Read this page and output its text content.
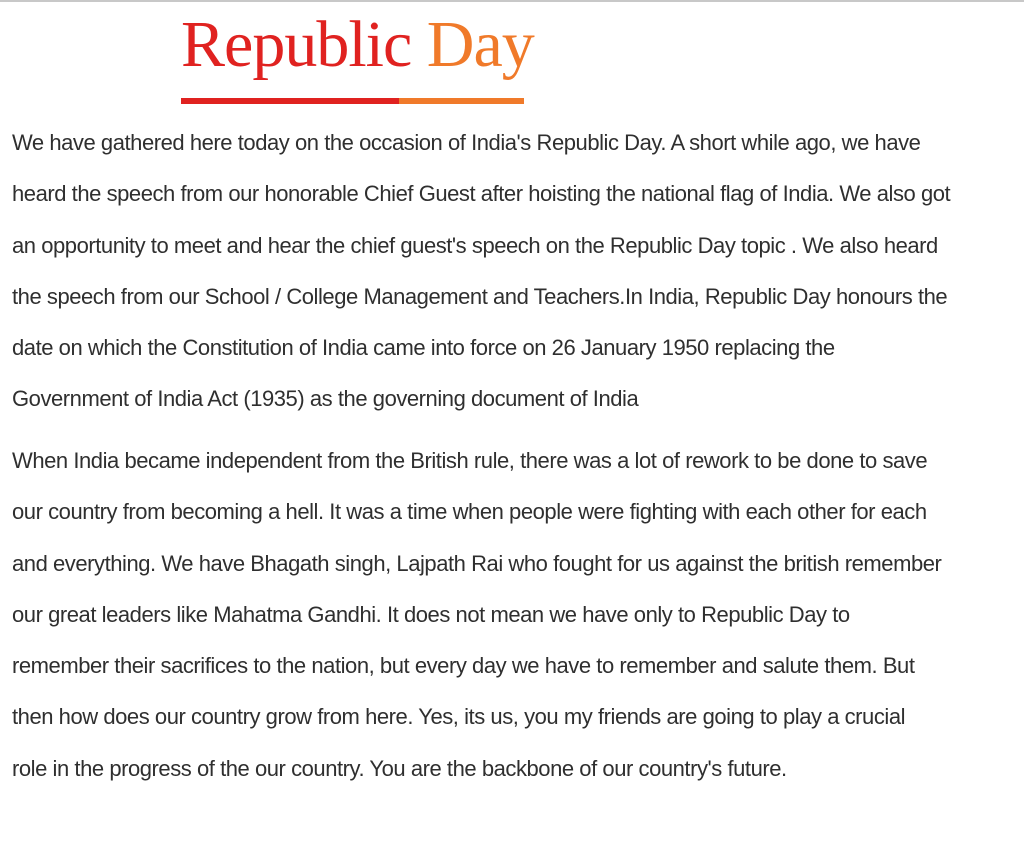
Republic Day

We have gathered here today on the occasion of India's Republic Day. A short while ago, we have
heard the speech from our honorable Chief Guest after hoisting the national flag of India. We also got
an opportunity to meet and hear the chief guest's speech on the Republic Day topic . We also heard
the speech from our School / College Management and Teachers.In India, Republic Day honours the
date on which the Constitution of India came into force on 26 January 1950 replacing the
Government of India Act (1935) as the governing document of India

When India became independent from the British rule, there was a lot of rework to be done to save
our country from becoming a hell. It was a time when people were fighting with each other for each
and everything. We have Bhagath singh, Lajpath Rai who fought for us against the british remember
our great leaders like Mahatma Gandhi. It does not mean we have only to Republic Day to
remember their sacrifices to the nation, but every day we have to remember and salute them. But
then how does our country grow from here. Yes, its us, you my friends are going to play a crucial
role in the progress of the our country. You are the backbone of our country's future.
